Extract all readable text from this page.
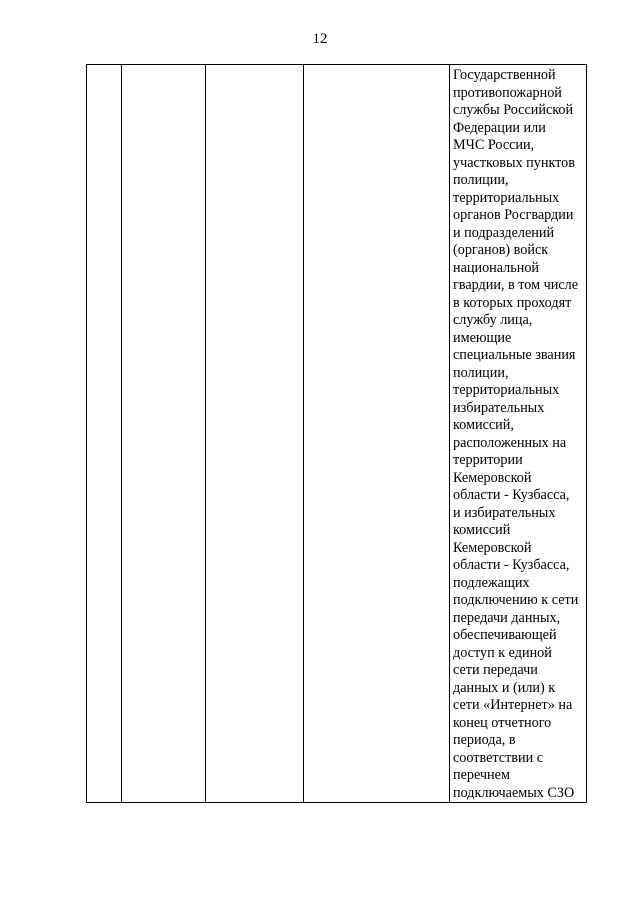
12

Государственной
противопожарной
службы Российской
Федерации или
МЧС России,
участковых пунктов
полиции,
территориальных
органов Росгвардии
и подразделений
(органов) войск
национальной
гвардии, в том числе
в которых проходят
службу лица,
имеющие
специальные звания
полиции,
территориальных
избирательных
комиссий,
расположенных на
территории
Кемеровской
области - Кузбасса,
и избирательных
комиссий
Кемеровской
области - Кузбасса,
подлежащих
подключению к сети
передачи данных,
обеспечивающей
доступ к единой
сети передачи
данных и (или) к
сети «Интернет» на
конец отчетного
периода, в
соответствии с
перечнем
подключаемых СЗО
